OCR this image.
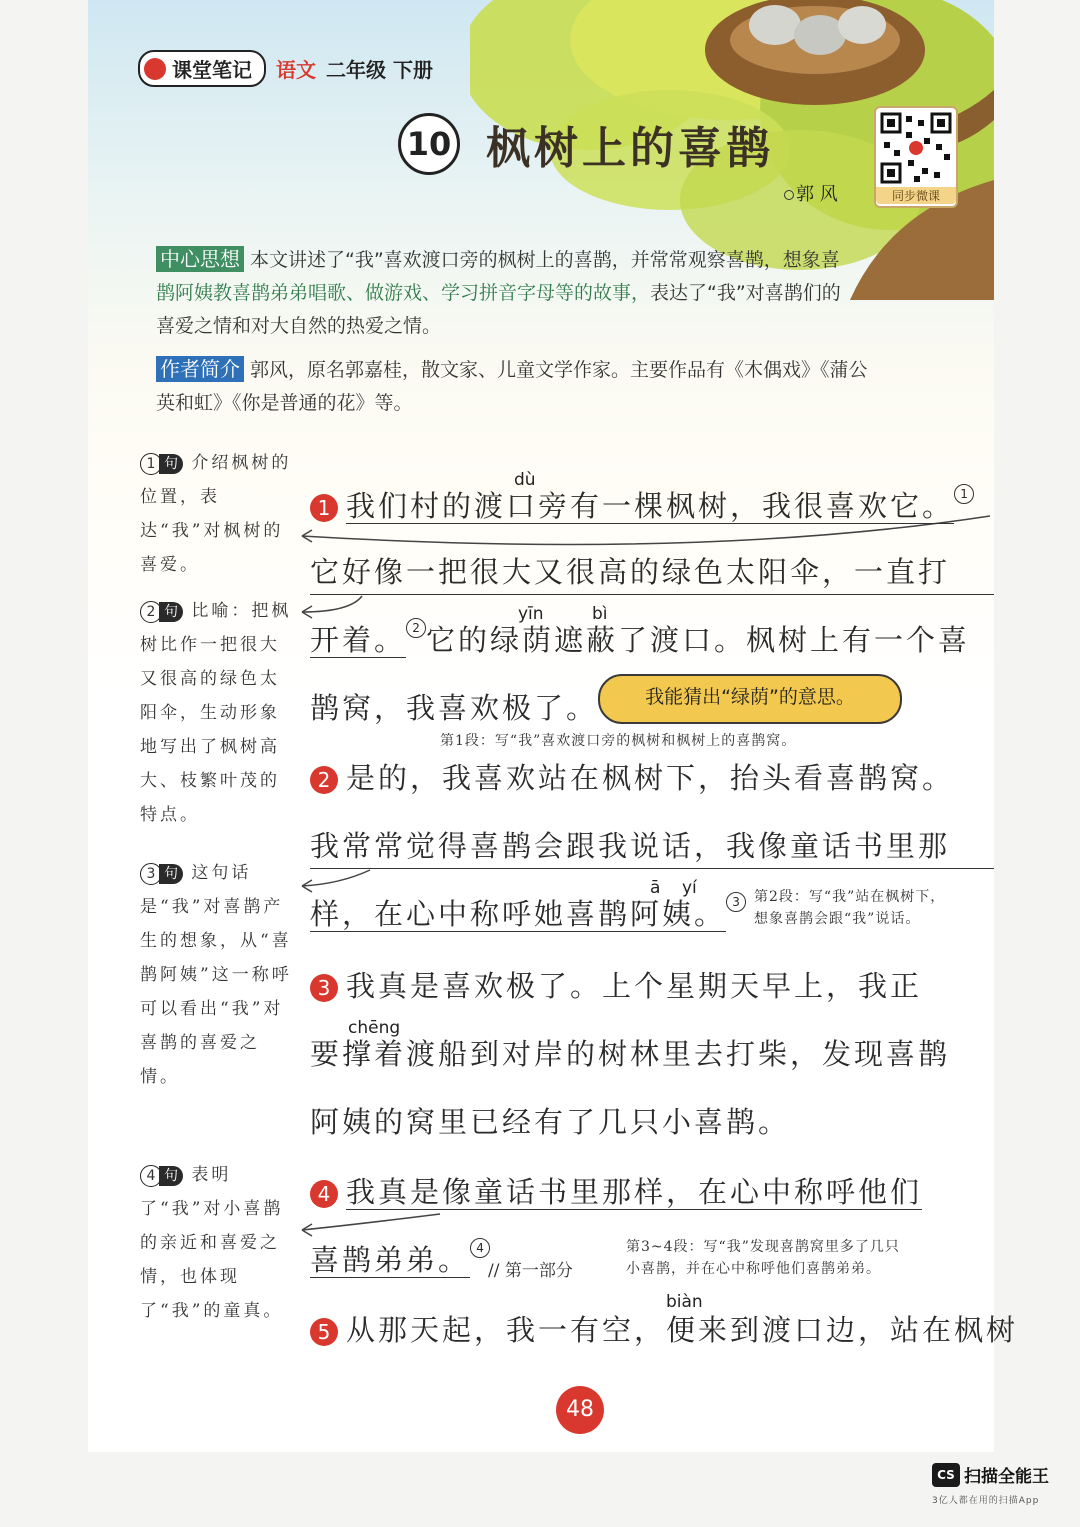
课堂笔记 语文 二年级 下册
10 枫树上的喜鹊
郭 风	同步微课
中心思想 本文讲述了“我”喜欢渡口旁的枫树上的喜鹊，并常常观察喜鹊，想象喜
鹊阿姨教喜鹊弟弟唱歌、做游戏、学习拼音字母等的故事，表达了“我”对喜鹊们的
喜爱之情和对大自然的热爱之情。
作者简介 郭风，原名郭嘉桂，散文家、儿童文学作家。主要作品有《木偶戏》《蒲公
英和虹》《你是普通的花》等。
1 句 介绍枫树的位置，表达“我”对枫树的喜爱。
2 句 比喻：把枫树比作一把很大又很高的绿色太阳伞，生动形象地写出了枫树高大、枝繁叶茂的特点。
3 句 这句话是“我”对喜鹊产生的想象，从“喜鹊阿姨”这一称呼可以看出“我”对喜鹊的喜爱之情。
4 句 表明了“我”对小喜鹊的亲近和喜爱之情，也体现了“我”的童真。
dù
yīn	bì
ā yí
chēng
biàn
1 我们村的渡口旁有一棵枫树，我很喜欢它。 1
它好像一把很大又很高的绿色太阳伞，一直打
开着。 2 它的绿荫遮蔽了渡口。枫树上有一个喜
鹊窝，我喜欢极了。	我能猜出“绿荫”的意思。
第1段：写“我”喜欢渡口旁的枫树和枫树上的喜鹊窝。
2 是的，我喜欢站在枫树下，抬头看喜鹊窝。
我常常觉得喜鹊会跟我说话，我像童话书里那
样，在心中称呼她喜鹊阿姨。 3	第2段：写“我”站在枫树下，
想象喜鹊会跟“我”说话。
3 我真是喜欢极了。上个星期天早上，我正
要撑着渡船到对岸的树林里去打柴，发现喜鹊
阿姨的窝里已经有了几只小喜鹊。
4 我真是像童话书里那样，在心中称呼他们
喜鹊弟弟。 4
// 第一部分
第3~4段：写“我”发现喜鹊窝里多了几只
小喜鹊，并在心中称呼他们喜鹊弟弟。
5 从那天起，我一有空，便来到渡口边，站在枫树
48
CS 扫描全能王
3亿人都在用的扫描App
